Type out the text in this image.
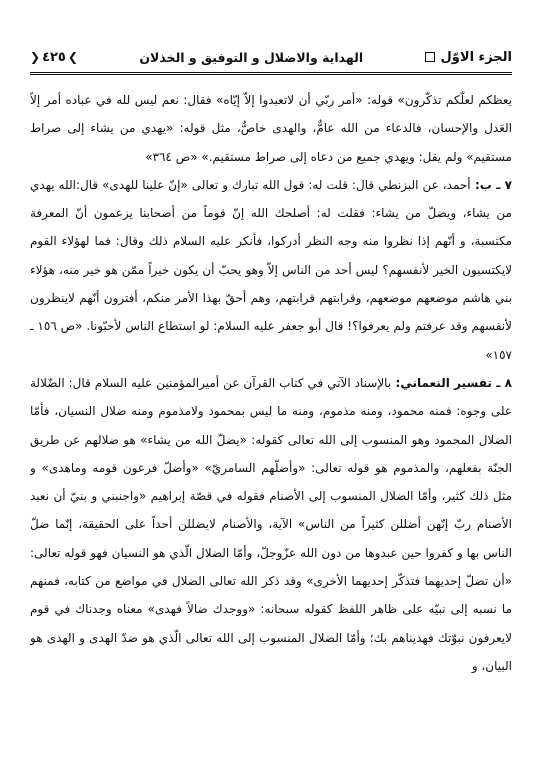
الجزء الاوّل
الهداية والاضلال و التوفيق و الخذلان
❯
٤٢٥
❮

يعظكم لعلّكم تذكّرون» قوله: «أمر ربّي أن لاتعبدوا إلاّ إيّاه» فقال: نعم ليس لله في عباده أمر إلاّ العَدل والإحسان، فالدعاء من الله عامٌّ، والهدى خاصٌّ، مثل قوله: «يهدي من يشاء إلى صراط مستقيم» ولم يقل: ويهدي جميع من دعاه إلى صراط مستقيم.» «ص ٣٦٤»

٧ ـ ب: أحمد، عن البزنطي قال: قلت له: قول الله تبارك و تعالى «إنّ علينا للهدى» قال:الله يهدي من يشاء، ويضلّ من يشاء: فقلت له: أصلحك الله إنّ قوماً من أصحابنا يزعمون أنّ المعرفة مكتسبة، و أنّهم إذا نظروا منه وجه النظر أدركوا، فأنكر عليه السلام ذلك وقال: فما لهؤلاء القوم لايكتسبون الخير لأنفسهم؟ ليس أحد من الناس إلاّ وهو يحبّ أن يكون خيراً ممّن هو خير منه، هؤلاء بني هاشم موضعهم موضعهم، وقرابتهم قرابتهم، وهم أحقّ بهذا الأمر منكم، أفترون أنّهم لاينظرون لأنفسهم وقد عرفتم ولم يعرفوا؟! قال أبو جعفر عليه السلام: لو استطاع الناس لأحبّونا. «ص ١٥٦ ـ ١٥٧»

٨ ـ تفسير النعماني: بالإسناد الآتي في كتاب القرآن عن أميرالمؤمنين عليه السلام قال: الضّلالة على وجوه: فمنه محمود، ومنه مذموم، ومنه ما ليس بمحمود ولامذموم ومنه ضلال النسيان، فأمّا الضلال المحمود وهو المنسوب إلى الله تعالى كقوله: «يضلّ الله من يشاء» هو ضلالهم عن طريق الجنّة بفعلهم، والمذموم هو قوله تعالى: «وأضلّهم السامريّ» «وأضلّ فرعون قومه وماهدى» و مثل ذلك كثير، وأمّا الضلال المنسوب إلى الأصنام فقوله في قصّة إبراهيم «واجنبني و بنيّ أن نعبد الأصنام ربّ إنّهن أضللن كثيراً من الناس» الآية، والأصنام لايضللن أحداً على الحقيقة، إنّما ضلّ الناس بها و كفروا حين عبدوها من دون الله عزّوجلّ، وأمّا الضلال الّذي هو النسيان فهو قوله تعالى: «أن تضلّ إحديهما فتذكّر إحديهما الأخرى» وقد ذكر الله تعالى الضلال في مواضع من كتابه، فمنهم ما نسبه إلى نبيّه على ظاهر اللفظ كقوله سبحانه: «ووجدك ضالاً فهدى» معناه وجدناك في قوم لايعرفون نبوّتك فهديناهم بك؛ وأمّا الضلال المنسوب إلى الله تعالى الّذي هو ضدّ الهدى و الهدى هو البيان، و
